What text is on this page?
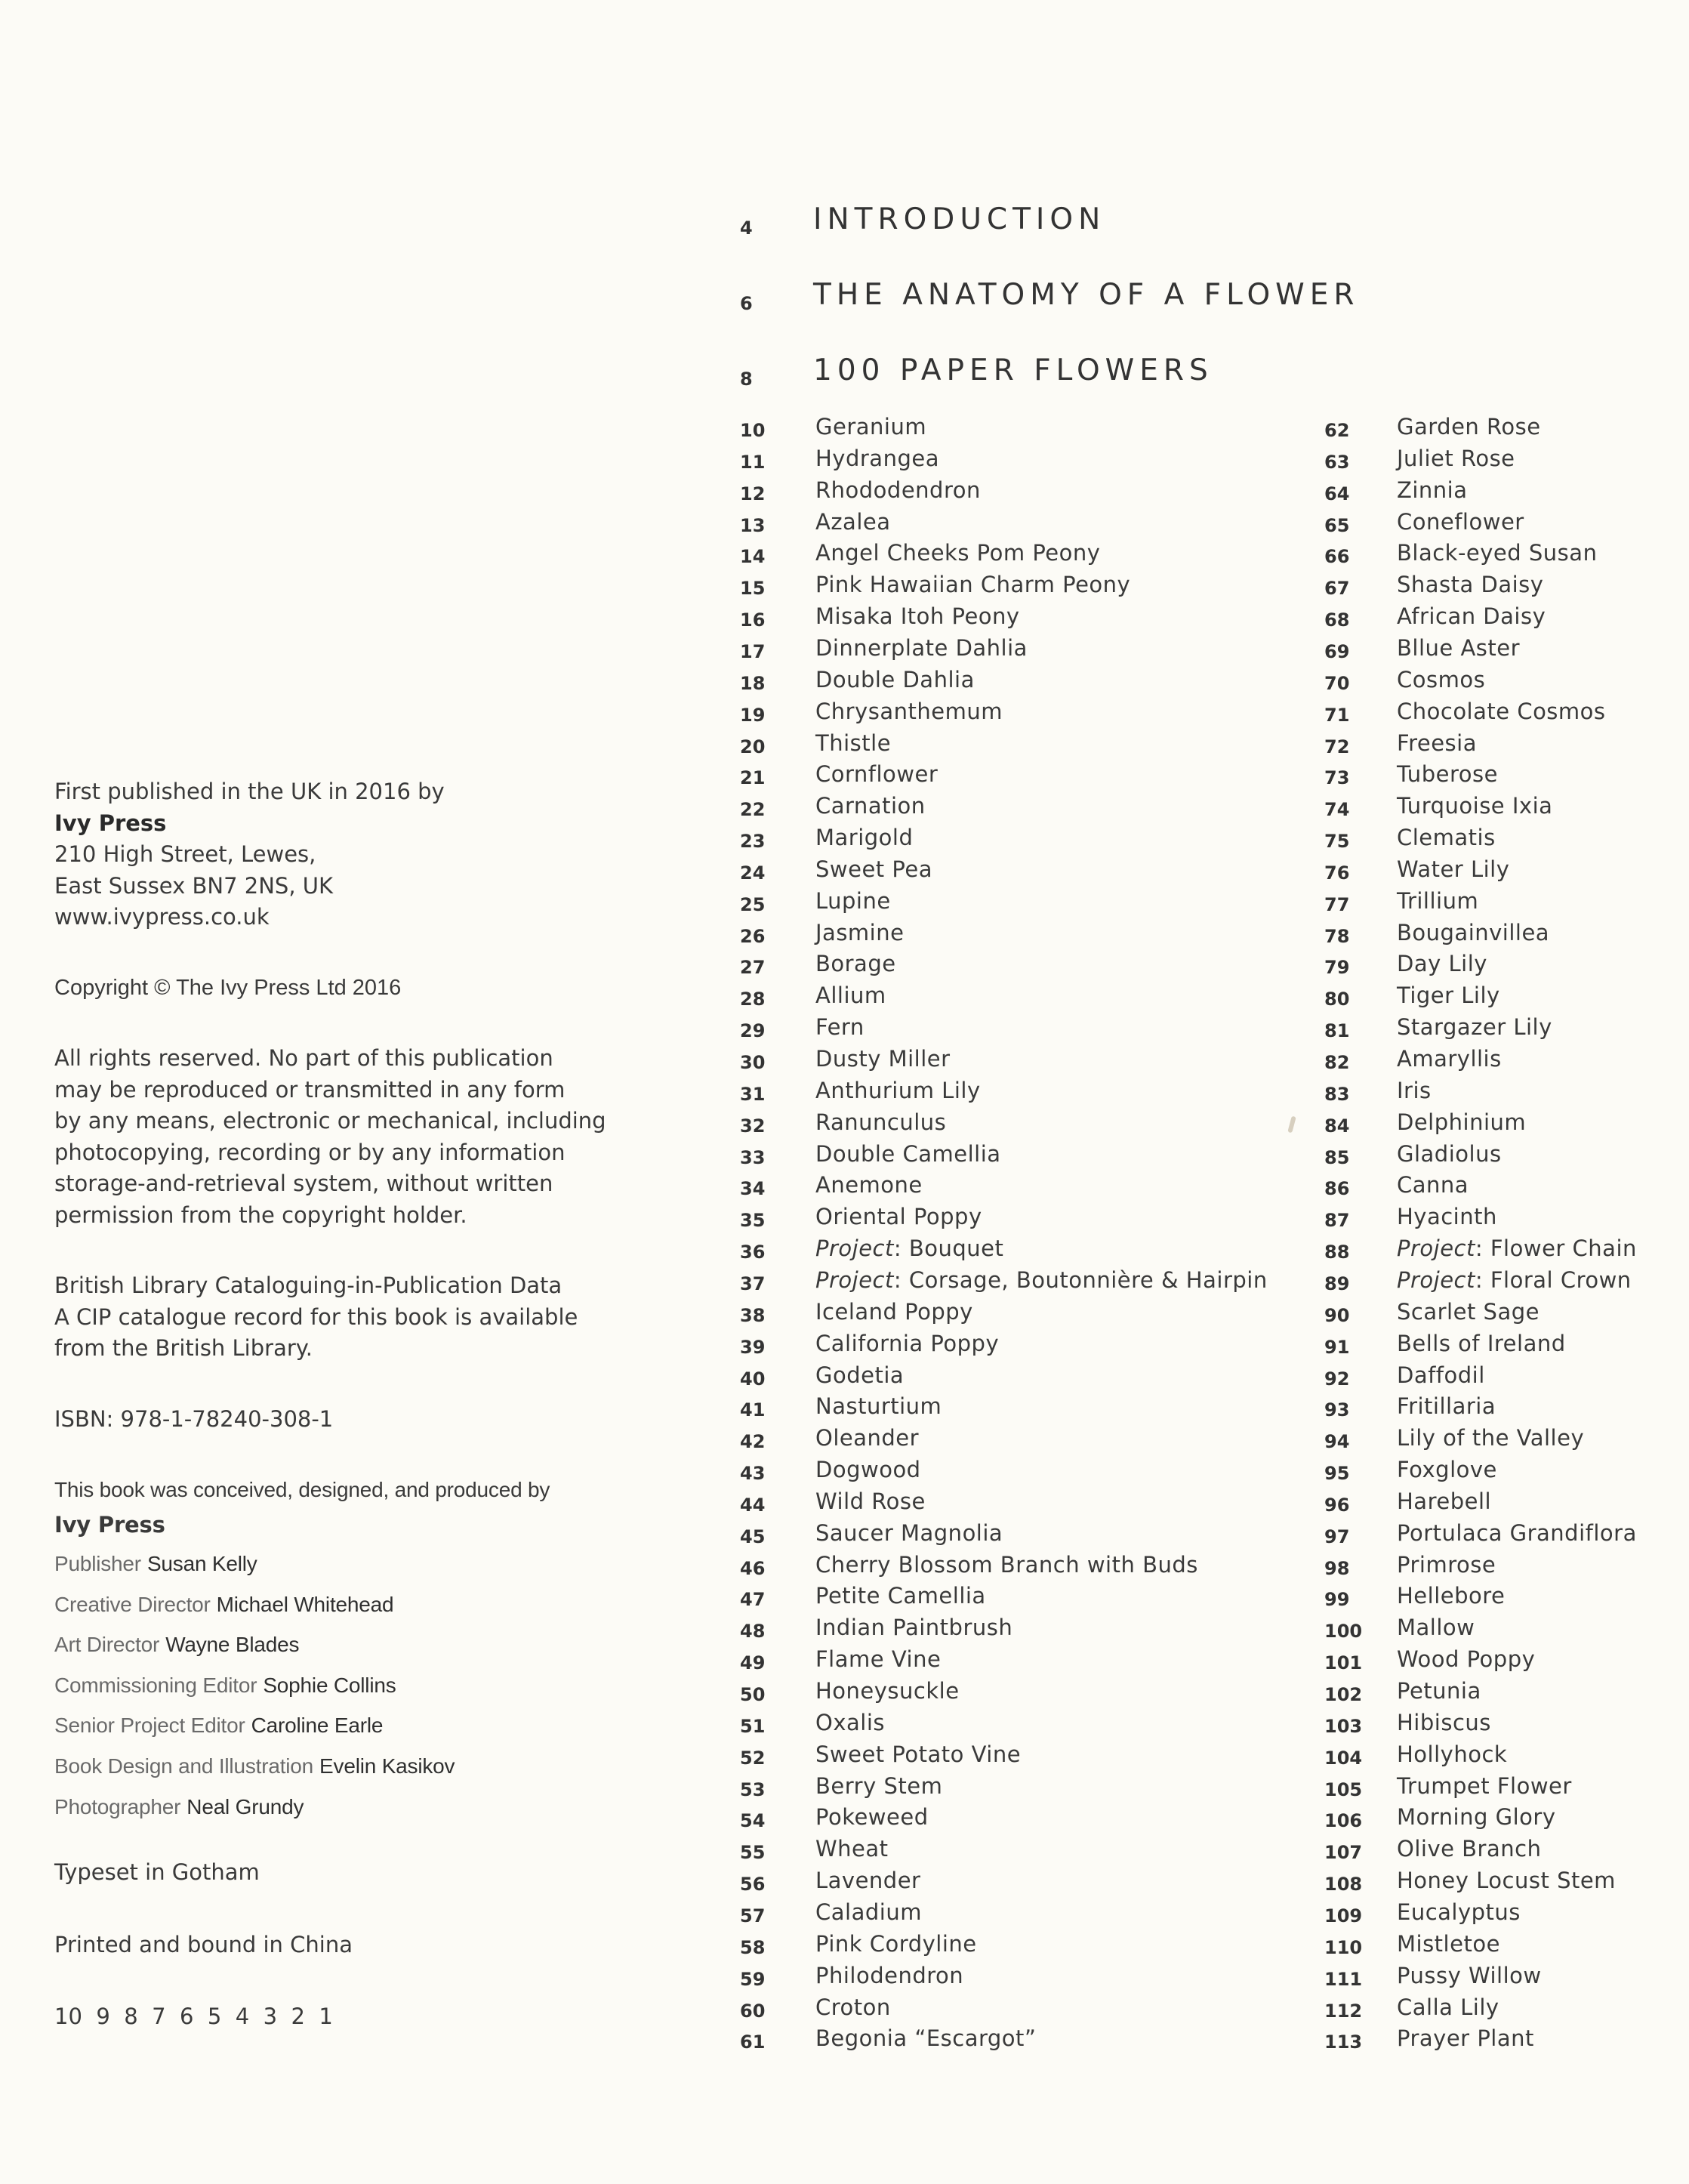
4	INTRODUCTION
6	THE ANATOMY OF A FLOWER
8	100 PAPER FLOWERS
10	Geranium
11	Hydrangea
12	Rhododendron
13	Azalea
14	Angel Cheeks Pom Peony
15	Pink Hawaiian Charm Peony
16	Misaka Itoh Peony
17	Dinnerplate Dahlia
18	Double Dahlia
19	Chrysanthemum
20	Thistle
21	Cornflower
22	Carnation
23	Marigold
24	Sweet Pea
25	Lupine
26	Jasmine
27	Borage
28	Allium
29	Fern
30	Dusty Miller
31	Anthurium Lily
32	Ranunculus
33	Double Camellia
34	Anemone
35	Oriental Poppy
36	Project: Bouquet
37	Project: Corsage, Boutonnière & Hairpin
38	Iceland Poppy
39	California Poppy
40	Godetia
41	Nasturtium
42	Oleander
43	Dogwood
44	Wild Rose
45	Saucer Magnolia
46	Cherry Blossom Branch with Buds
47	Petite Camellia
48	Indian Paintbrush
49	Flame Vine
50	Honeysuckle
51	Oxalis
52	Sweet Potato Vine
53	Berry Stem
54	Pokeweed
55	Wheat
56	Lavender
57	Caladium
58	Pink Cordyline
59	Philodendron
60	Croton
61	Begonia “Escargot”
62	Garden Rose
63	Juliet Rose
64	Zinnia
65	Coneflower
66	Black-eyed Susan
67	Shasta Daisy
68	African Daisy
69	Bllue Aster
70	Cosmos
71	Chocolate Cosmos
72	Freesia
73	Tuberose
74	Turquoise Ixia
75	Clematis
76	Water Lily
77	Trillium
78	Bougainvillea
79	Day Lily
80	Tiger Lily
81	Stargazer Lily
82	Amaryllis
83	Iris
84	Delphinium
85	Gladiolus
86	Canna
87	Hyacinth
88	Project: Flower Chain
89	Project: Floral Crown
90	Scarlet Sage
91	Bells of Ireland
92	Daffodil
93	Fritillaria
94	Lily of the Valley
95	Foxglove
96	Harebell
97	Portulaca Grandiflora
98	Primrose
99	Hellebore
100	Mallow
101	Wood Poppy
102	Petunia
103	Hibiscus
104	Hollyhock
105	Trumpet Flower
106	Morning Glory
107	Olive Branch
108	Honey Locust Stem
109	Eucalyptus
110	Mistletoe
111	Pussy Willow
112	Calla Lily
113	Prayer Plant

First published in the UK in 2016 by

Ivy Press

210 High Street, Lewes,

East Sussex BN7 2NS, UK

www.ivypress.co.uk

Copyright © The Ivy Press Ltd 2016

All rights reserved. No part of this publication

may be reproduced or transmitted in any form

by any means, electronic or mechanical, including

photocopying, recording or by any information

storage-and-retrieval system, without written

permission from the copyright holder.

British Library Cataloguing-in-Publication Data

A CIP catalogue record for this book is available

from the British Library.

ISBN: 978-1-78240-308-1

This book was conceived, designed, and produced by
Ivy Press
Publisher Susan Kelly
Creative Director Michael Whitehead
Art Director Wayne Blades
Commissioning Editor Sophie Collins
Senior Project Editor Caroline Earle
Book Design and Illustration Evelin Kasikov
Photographer Neal Grundy

Typeset in Gotham

Printed and bound in China

10  9  8  7  6  5  4  3  2  1
